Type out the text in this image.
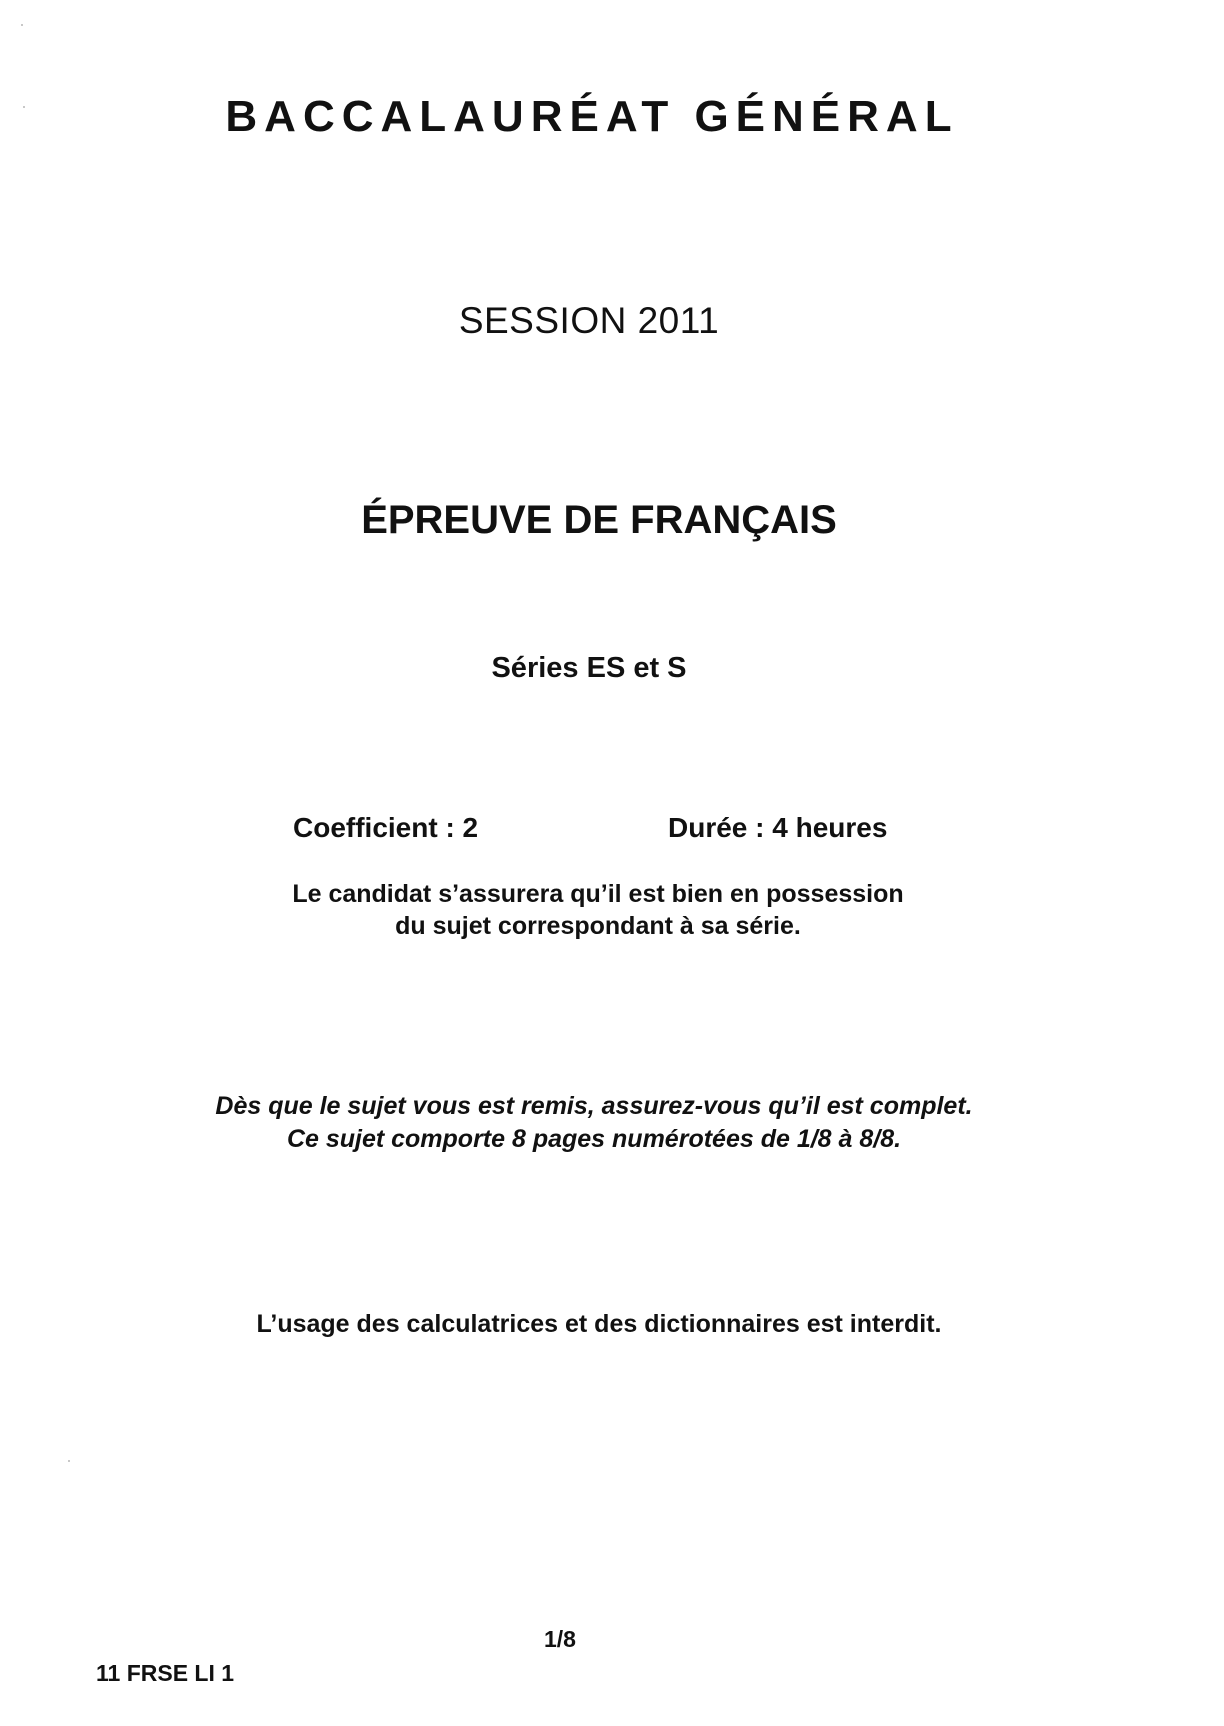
BACCALAURÉAT GÉNÉRAL
SESSION 2011
ÉPREUVE DE FRANÇAIS
Séries ES et S
Coefficient : 2	Durée : 4 heures
Le candidat s’assurera qu’il est bien en possession
du sujet correspondant à sa série.
Dès que le sujet vous est remis, assurez-vous qu’il est complet.
Ce sujet comporte 8 pages numérotées de 1/8 à 8/8.
L’usage des calculatrices et des dictionnaires est interdit.
1/8
11 FRSE LI 1
